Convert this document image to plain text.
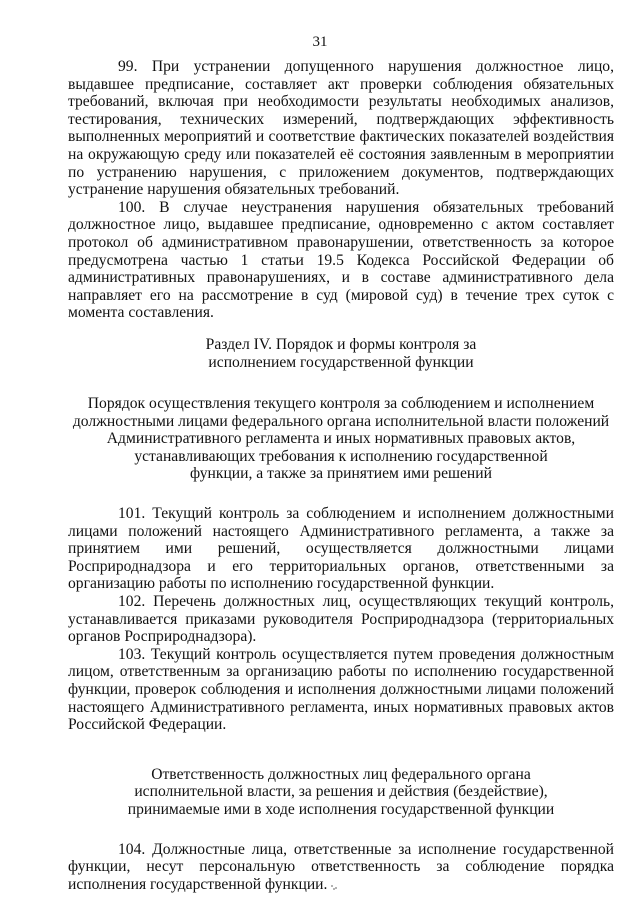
31

99. При устранении допущенного нарушения должностное лицо, выдавшее предписание, составляет акт проверки соблюдения обязательных требований, включая при необходимости результаты необходимых анализов, тестирования, технических измерений, подтверждающих эффективность выполненных мероприятий и соответствие фактических показателей воздействия на окружающую среду или показателей её состояния заявленным в мероприятии по устранению нарушения, с приложением документов, подтверждающих устранение нарушения обязательных требований.

100. В случае неустранения нарушения обязательных требований должностное лицо, выдавшее предписание, одновременно с актом составляет протокол об административном правонарушении, ответственность за которое предусмотрена частью 1 статьи 19.5 Кодекса Российской Федерации об административных правонарушениях, и в составе административного дела направляет его на рассмотрение в суд (мировой суд) в течение трех суток с момента составления.

Раздел IV. Порядок и формы контроля за
исполнением государственной функции
Порядок осуществления текущего контроля за соблюдением и исполнением
должностными лицами федерального органа исполнительной власти положений
Административного регламента и иных нормативных правовых актов,
устанавливающих требования к исполнению государственной
функции, а также за принятием ими решений

101. Текущий контроль за соблюдением и исполнением должностными лицами положений настоящего Административного регламента, а также за принятием ими решений, осуществляется должностными лицами Росприроднадзора и его территориальных органов, ответственными за организацию работы по исполнению государственной функции.

102. Перечень должностных лиц, осуществляющих текущий контроль, устанавливается приказами руководителя Росприроднадзора (территориальных органов Росприроднадзора).

103. Текущий контроль осуществляется путем проведения должностным лицом, ответственным за организацию работы по исполнению государственной функции, проверок соблюдения и исполнения должностными лицами положений настоящего Административного регламента, иных нормативных правовых актов Российской Федерации.

Ответственность должностных лиц федерального органа
исполнительной власти, за решения и действия (бездействие),
принимаемые ими в ходе исполнения государственной функции

104. Должностные лица, ответственные за исполнение государственной функции, несут персональную ответственность за соблюдение порядка исполнения государственной функции.
